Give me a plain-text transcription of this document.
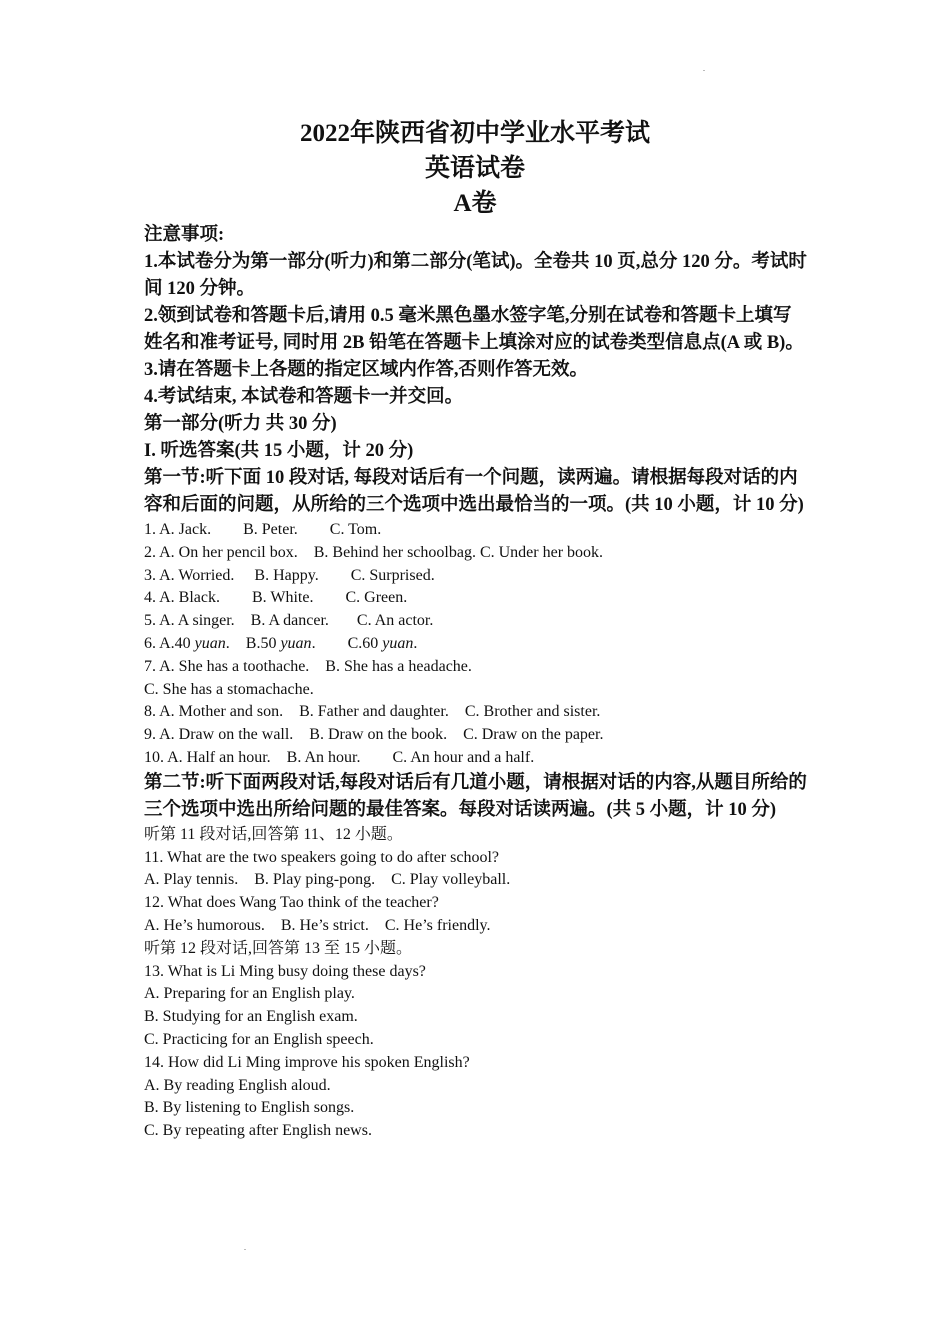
2022年陕西省初中学业水平考试
英语试卷
A卷
注意事项:
1.本试卷分为第一部分(听力)和第二部分(笔试)。全卷共 10 页,总分 120 分。考试时间 120 分钟。
2.领到试卷和答题卡后,请用 0.5 毫米黑色墨水签字笔,分别在试卷和答题卡上填写姓名和准考证号, 同时用 2B 铅笔在答题卡上填涂对应的试卷类型信息点(A 或 B)。
3.请在答题卡上各题的指定区域内作答,否则作答无效。
4.考试结束, 本试卷和答题卡一并交回。
第一部分(听力 共 30 分)
I. 听选答案(共 15 小题，计 20 分)
第一节:听下面 10 段对话, 每段对话后有一个问题，读两遍。请根据每段对话的内容和后面的问题，从所给的三个选项中选出最恰当的一项。(共 10 小题，计 10 分)
1. A. Jack.        B. Peter.        C. Tom.
2. A. On her pencil box.    B. Behind her schoolbag. C. Under her book.
3. A. Worried.     B. Happy.        C. Surprised.
4. A. Black.        B. White.        C. Green.
5. A. A singer.    B. A dancer.       C. An actor.
6. A.40 yuan.    B.50 yuan.        C.60 yuan.
7. A. She has a toothache.    B. She has a headache.
C. She has a stomachache.
8. A. Mother and son.    B. Father and daughter.    C. Brother and sister.
9. A. Draw on the wall.    B. Draw on the book.    C. Draw on the paper.
10. A. Half an hour.    B. An hour.        C. An hour and a half.
第二节:听下面两段对话,每段对话后有几道小题，请根据对话的内容,从题目所给的三个选项中选出所给问题的最佳答案。每段对话读两遍。(共 5 小题，计 10 分)
听第 11 段对话,回答第 11、12 小题。
11. What are the two speakers going to do after school?
A. Play tennis.    B. Play ping-pong.    C. Play volleyball.
12. What does Wang Tao think of the teacher?
A. He’s humorous.    B. He’s strict.    C. He’s friendly.
听第 12 段对话,回答第 13 至 15 小题。
13. What is Li Ming busy doing these days?
A. Preparing for an English play.
B. Studying for an English exam.
C. Practicing for an English speech.
14. How did Li Ming improve his spoken English?
A. By reading English aloud.
B. By listening to English songs.
C. By repeating after English news.
